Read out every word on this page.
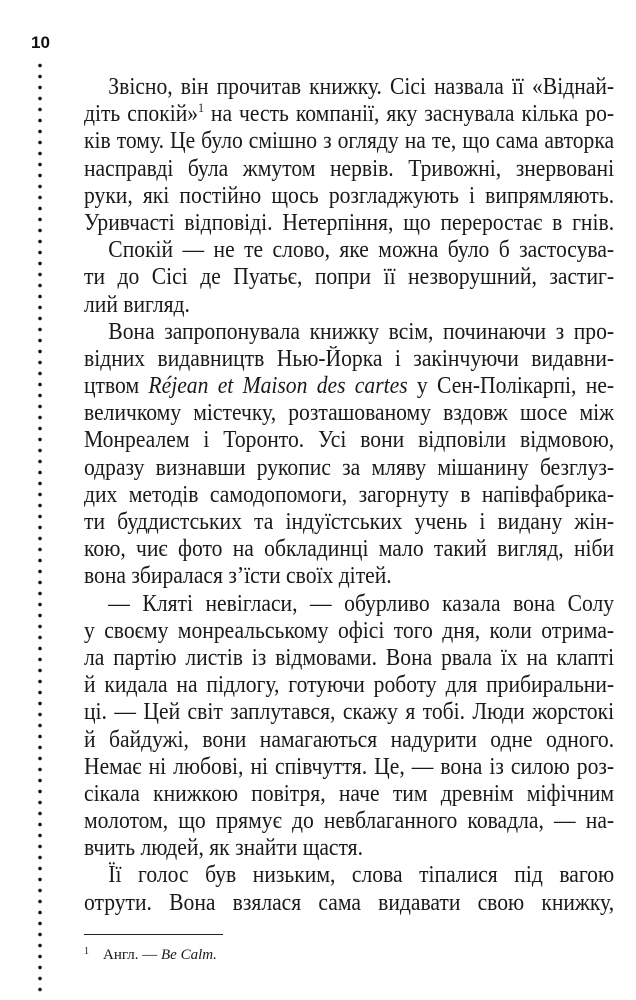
10
Звісно, він прочитав книжку. Сісі назвала її «Віднай-
діть спокій»$^1$ на честь компанії, яку заснувала кілька ро-
ків тому. Це було смішно з огляду на те, що сама авторка
насправді була жмутом нервів. Тривожні, знервовані
руки, які постійно щось розгладжують і випрямляють.
Уривчасті відповіді. Нетерпіння, що переростає в гнів.
Спокій — не те слово, яке можна було б застосува-
ти до Сісі де Пуатьє, попри її незворушний, застиг-
лий вигляд.
Вона запропонувала книжку всім, починаючи з про-
відних видавництв Нью-Йорка і закінчуючи видавни-
цтвом Réjean et Maison des cartes у Сен-Полікарпі, не-
величкому містечку, розташованому вздовж шосе між
Монреалем і Торонто. Усі вони відповіли відмовою,
одразу визнавши рукопис за мляву мішанину безглуз-
дих методів самодопомоги, загорнуту в напівфабрика-
ти буддистських та індуїстських учень і видану жін-
кою, чиє фото на обкладинці мало такий вигляд, ніби
вона збиралася з’їсти своїх дітей.
— Кляті невігласи, — обурливо казала вона Солу
у своєму монреальському офісі того дня, коли отрима-
ла партію листів із відмовами. Вона рвала їх на клапті
й кидала на підлогу, готуючи роботу для прибиральни-
ці. — Цей світ заплутався, скажу я тобі. Люди жорстокі
й байдужі, вони намагаються надурити одне одного.
Немає ні любові, ні співчуття. Це, — вона із силою роз-
сікала книжкою повітря, наче тим древнім міфічним
молотом, що прямує до невблаганного ковадла, — на-
вчить людей, як знайти щастя.
Її голос був низьким, слова тіпалися під вагою
отрути. Вона взялася сама видавати свою книжку,
$^1$ Англ. — Be Calm.
